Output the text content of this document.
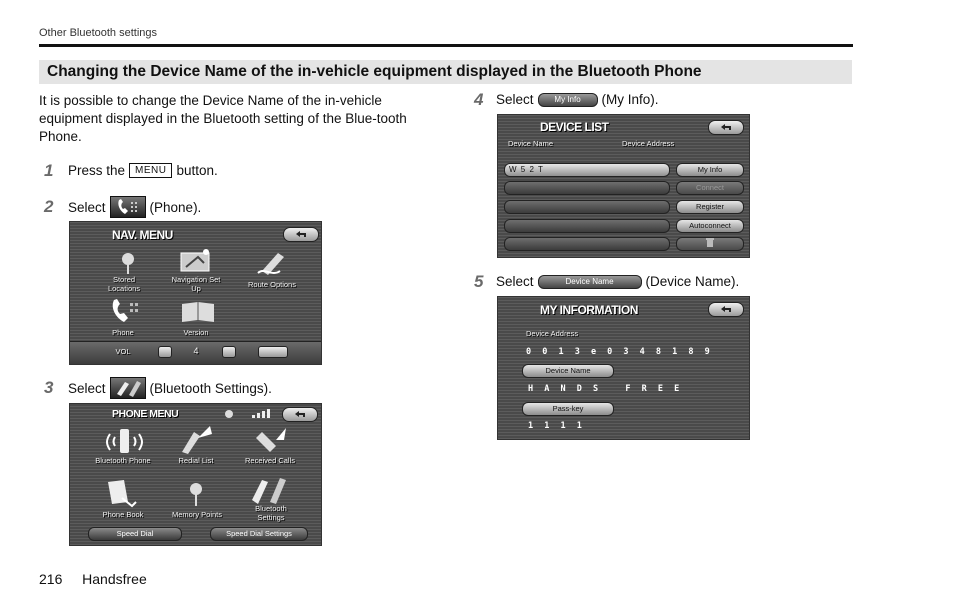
Other Bluetooth settings
Changing the Device Name of the in-vehicle equipment displayed in the Bluetooth Phone
It is possible to change the Device Name of the in-vehicle equipment displayed in the Bluetooth setting of the Blue-tooth Phone.
1 Press the	MENU button.
2 Select	(Phone).
NAV. MENU
Stored Locations
Navigation Set Up	Route Options
Phone	Version
VOL	4
3 Select	(Bluetooth Settings).
PHONE MENU
Bluetooth Phone	Redial List	Received Calls
Phone Book	Memory Points
Bluetooth Settings
Speed Dial	Speed Dial Settings
4 Select	My Info	(My Info).
DEVICE LIST
Device Name	Device Address
W 5 2 T	My Info
Connect
Register
Autoconnect
5 Select	Device Name	(Device Name).
MY INFORMATION
Device Address
0 0 1 3 e 0 3 4 8 1 8 9
Device Name
H A N D S   F R E E
Pass-key
1 1 1 1
216 Handsfree
